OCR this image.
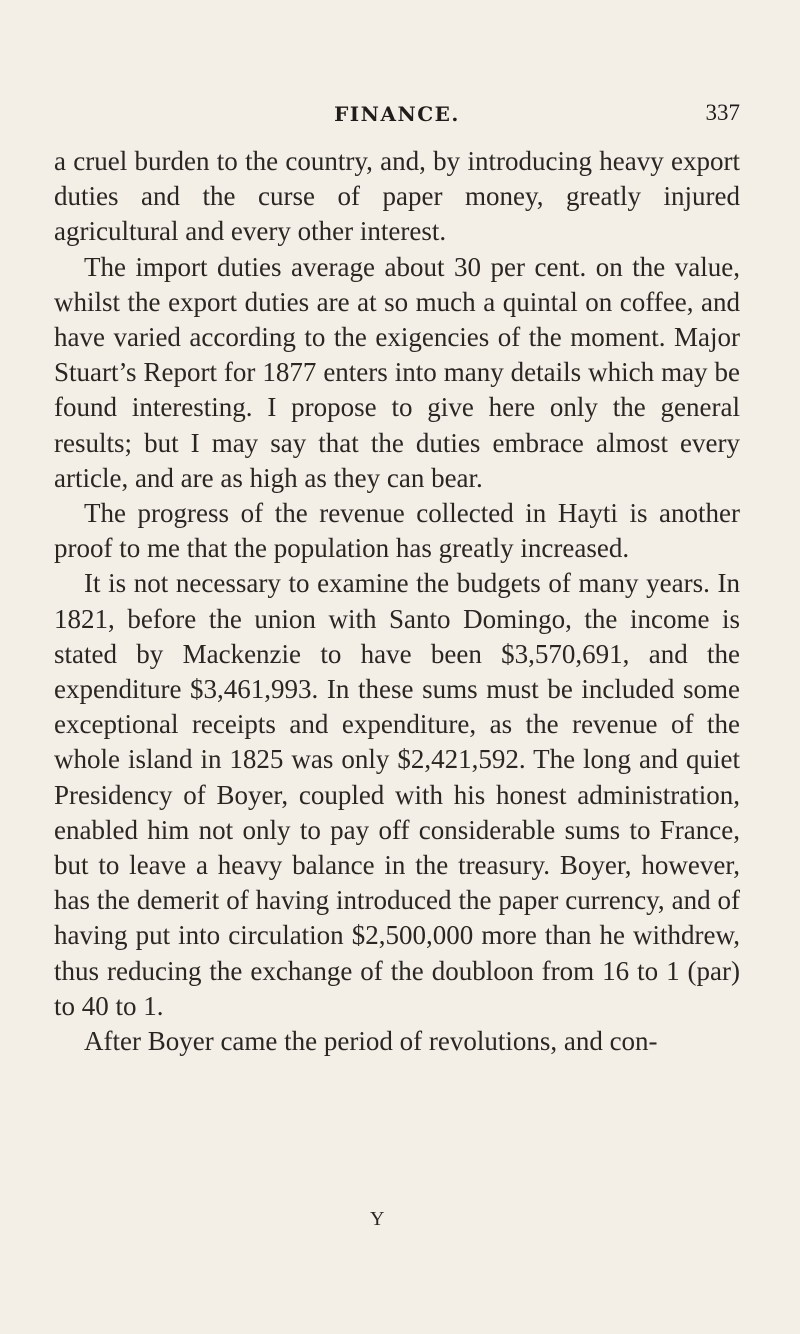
FINANCE.	337

a cruel burden to the country, and, by introducing heavy export duties and the curse of paper money, greatly injured agricultural and every other interest.

The import duties average about 30 per cent. on the value, whilst the export duties are at so much a quintal on coffee, and have varied according to the exigencies of the moment. Major Stuart’s Report for 1877 enters into many details which may be found interesting. I propose to give here only the general results; but I may say that the duties embrace almost every article, and are as high as they can bear.

The progress of the revenue collected in Hayti is another proof to me that the population has greatly increased.

It is not necessary to examine the budgets of many years. In 1821, before the union with Santo Domingo, the income is stated by Mackenzie to have been $3,570,691, and the expenditure $3,461,993. In these sums must be included some exceptional receipts and expenditure, as the revenue of the whole island in 1825 was only $2,421,592. The long and quiet Presidency of Boyer, coupled with his honest administration, enabled him not only to pay off considerable sums to France, but to leave a heavy balance in the treasury. Boyer, however, has the demerit of having introduced the paper currency, and of having put into circulation $2,500,000 more than he withdrew, thus reducing the exchange of the doubloon from 16 to 1 (par) to 40 to 1.

After Boyer came the period of revolutions, and con-

Y
